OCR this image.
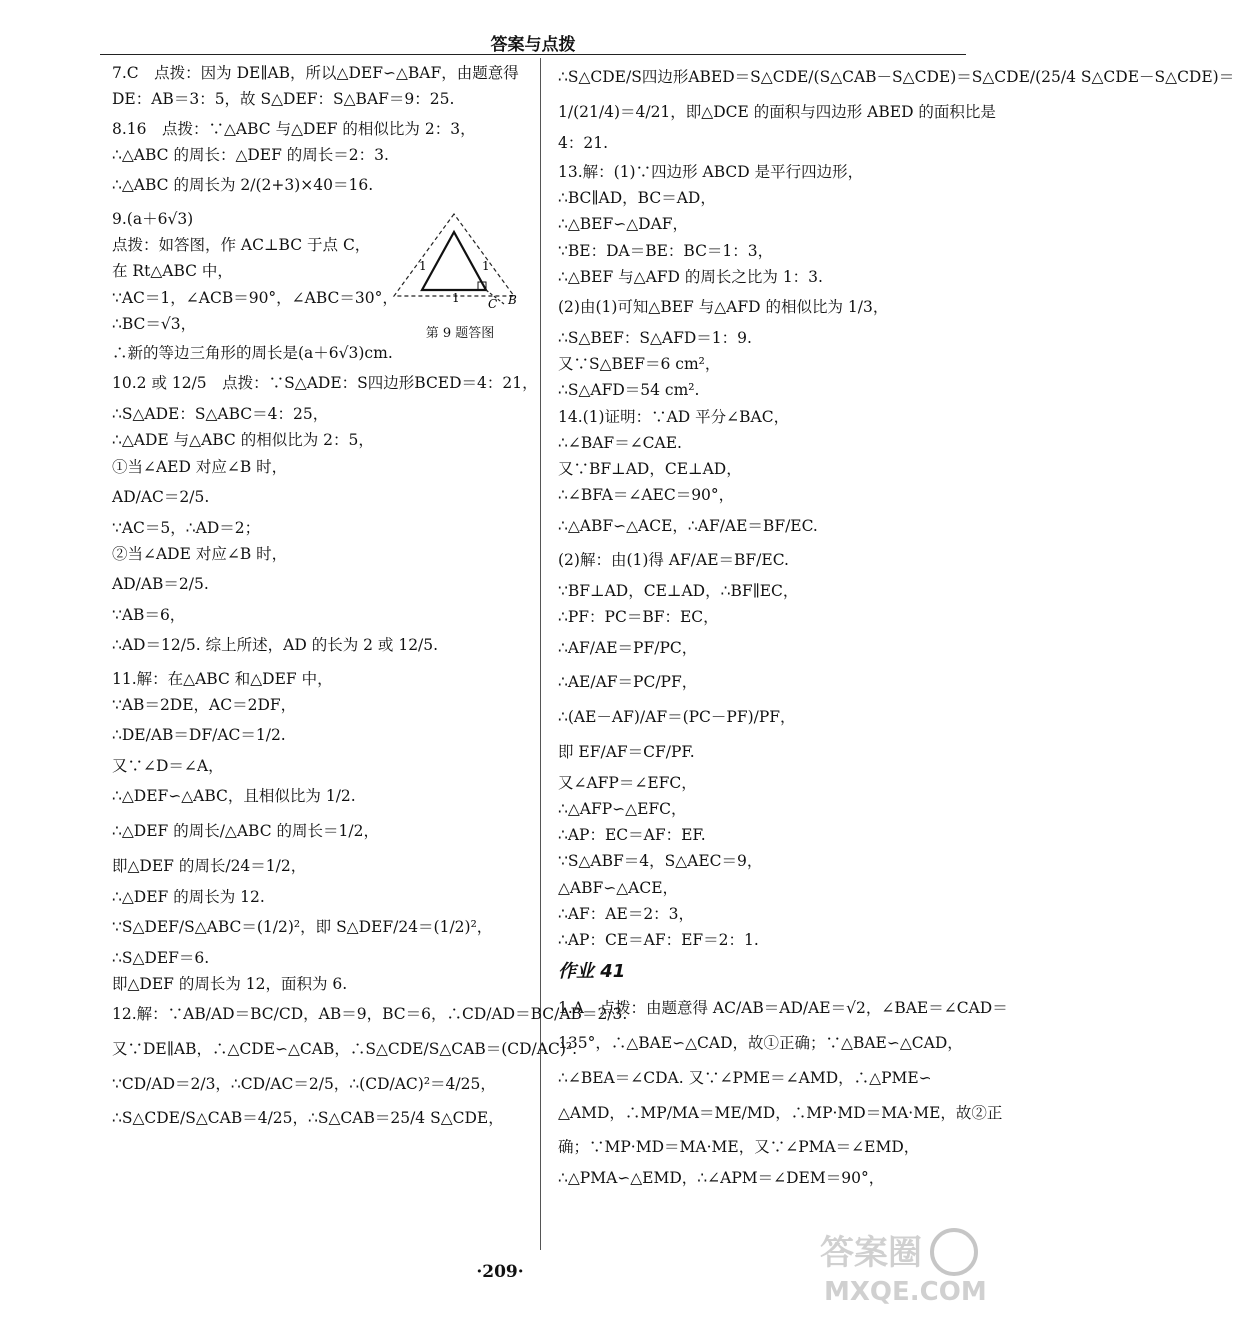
答案与点拨
7.C　点拨：因为 DE∥AB，所以△DEF∽△BAF，由题意得
DE：AB＝3：5，故 S△DEF：S△BAF＝9：25.
8.16　点拨：∵△ABC 与△DEF 的相似比为 2：3，
∴△ABC 的周长：△DEF 的周长＝2：3.
∴△ABC 的周长为 2/(2+3)×40＝16.
9.(a＋6√3)
点拨：如答图，作 AC⊥BC 于点 C，
在 Rt△ABC 中，
∵AC＝1，∠ACB＝90°，∠ABC＝30°，
∴BC＝√3，
∴新的等边三角形的周长是(a＋6√3)cm.
10.2 或 12/5　点拨：∵S△ADE：S四边形BCED＝4：21，
∴S△ADE：S△ABC＝4：25，
∴△ADE 与△ABC 的相似比为 2：5，
①当∠AED 对应∠B 时，
AD/AC＝2/5.
∵AC＝5，∴AD＝2；
②当∠ADE 对应∠B 时，
AD/AB＝2/5.
∵AB＝6，
∴AD＝12/5. 综上所述，AD 的长为 2 或 12/5.
11.解：在△ABC 和△DEF 中，
∵AB＝2DE，AC＝2DF，
∴DE/AB＝DF/AC＝1/2.
又∵∠D＝∠A，
∴△DEF∽△ABC，且相似比为 1/2.
∴△DEF 的周长/△ABC 的周长＝1/2，
即△DEF 的周长/24＝1/2，
∴△DEF 的周长为 12.
∵S△DEF/S△ABC＝(1/2)²，即 S△DEF/24＝(1/2)²，
∴S△DEF＝6.
即△DEF 的周长为 12，面积为 6.
12.解：∵AB/AD＝BC/CD，AB＝9，BC＝6，∴CD/AD＝BC/AB＝2/3.
又∵DE∥AB，∴△CDE∽△CAB，∴S△CDE/S△CAB＝(CD/AC)².
∵CD/AD＝2/3，∴CD/AC＝2/5，∴(CD/AC)²＝4/25，
∴S△CDE/S△CAB＝4/25，∴S△CAB＝25/4 S△CDE，
∴S△CDE/S四边形ABED＝S△CDE/(S△CAB－S△CDE)＝S△CDE/(25/4 S△CDE－S△CDE)＝
1/(21/4)＝4/21，即△DCE 的面积与四边形 ABED 的面积比是
4：21.
13.解：(1)∵四边形 ABCD 是平行四边形，
∴BC∥AD，BC＝AD，
∴△BEF∽△DAF，
∵BE：DA＝BE：BC＝1：3，
∴△BEF 与△AFD 的周长之比为 1：3.
(2)由(1)可知△BEF 与△AFD 的相似比为 1/3，
∴S△BEF：S△AFD＝1：9.
又∵S△BEF＝6 cm²，
∴S△AFD＝54 cm².
14.(1)证明：∵AD 平分∠BAC，
∴∠BAF＝∠CAE.
又∵BF⊥AD，CE⊥AD，
∴∠BFA＝∠AEC＝90°，
∴△ABF∽△ACE，∴AF/AE＝BF/EC.
(2)解：由(1)得 AF/AE＝BF/EC.
∵BF⊥AD，CE⊥AD，∴BF∥EC，
∴PF：PC＝BF：EC，
∴AF/AE＝PF/PC，
∴AE/AF＝PC/PF，
∴(AE－AF)/AF＝(PC－PF)/PF，
即 EF/AF＝CF/PF.
又∠AFP＝∠EFC，
∴△AFP∽△EFC，
∴AP：EC＝AF：EF.
∵S△ABF＝4，S△AEC＝9，
△ABF∽△ACE，
∴AF：AE＝2：3，
∴AP：CE＝AF：EF＝2：1.
作业 41
1.A　点拨：由题意得 AC/AB＝AD/AE＝√2，∠BAE＝∠CAD＝
135°，∴△BAE∽△CAD，故①正确；∵△BAE∽△CAD，
∴∠BEA＝∠CDA. 又∵∠PME＝∠AMD，∴△PME∽
△AMD，∴MP/MA＝ME/MD，∴MP·MD＝MA·ME，故②正
确；∵MP·MD＝MA·ME，又∵∠PMA＝∠EMD，
∴△PMA∽△EMD，∴∠APM＝∠DEM＝90°，
1	1
1 C B
第 9 题答图
·209·	答案圈
MXQE.COM
